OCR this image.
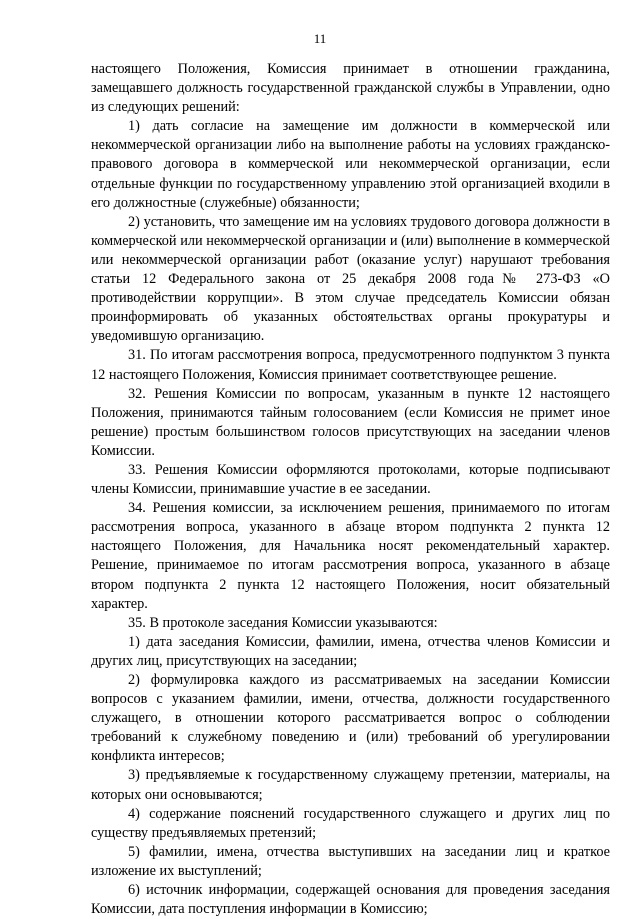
11

настоящего Положения, Комиссия принимает в отношении гражданина, замещавшего должность государственной гражданской службы в Управлении, одно из следующих решений:

1) дать согласие на замещение им должности в коммерческой или некоммерческой организации либо на выполнение работы на условиях гражданско-правового договора в коммерческой или некоммерческой организации, если отдельные функции по государственному управлению этой организацией входили в его должностные (служебные) обязанности;

2) установить, что замещение им на условиях трудового договора должности в коммерческой или некоммерческой организации и (или) выполнение в коммерческой или некоммерческой организации работ (оказание услуг) нарушают требования статьи 12 Федерального закона от 25 декабря 2008 года№ 273-ФЗ «О противодействии коррупции». В этом случае председатель Комиссии обязан проинформировать об указанных обстоятельствах органы прокуратуры и уведомившую организацию.

31. По итогам рассмотрения вопроса, предусмотренного подпунктом 3 пункта 12 настоящего Положения, Комиссия принимает соответствующее решение.

32. Решения Комиссии по вопросам, указанным в пункте 12 настоящего Положения, принимаются тайным голосованием (если Комиссия не примет иное решение) простым большинством голосов присутствующих на заседании членов Комиссии.

33. Решения Комиссии оформляются протоколами, которые подписывают члены Комиссии, принимавшие участие в ее заседании.

34. Решения комиссии, за исключением решения, принимаемого по итогам рассмотрения вопроса, указанного в абзаце втором подпункта 2 пункта 12 настоящего Положения, для Начальника носят рекомендательный характер. Решение, принимаемое по итогам рассмотрения вопроса, указанного в абзаце втором подпункта 2 пункта 12 настоящего Положения, носит обязательный характер.

35. В протоколе заседания Комиссии указываются:

1) дата заседания Комиссии, фамилии, имена, отчества членов Комиссии и других лиц, присутствующих на заседании;

2) формулировка каждого из рассматриваемых на заседании Комиссии вопросов с указанием фамилии, имени, отчества, должности государственного служащего, в отношении которого рассматривается вопрос о соблюдении требований к служебному поведению и (или) требований об урегулировании конфликта интересов;

3) предъявляемые к государственному служащему претензии, материалы, на которых они основываются;

4) содержание пояснений государственного служащего и других лиц по существу предъявляемых претензий;

5) фамилии, имена, отчества выступивших на заседании лиц и краткое изложение их выступлений;

6) источник информации, содержащей основания для проведения заседания Комиссии, дата поступления информации в Комиссию;
